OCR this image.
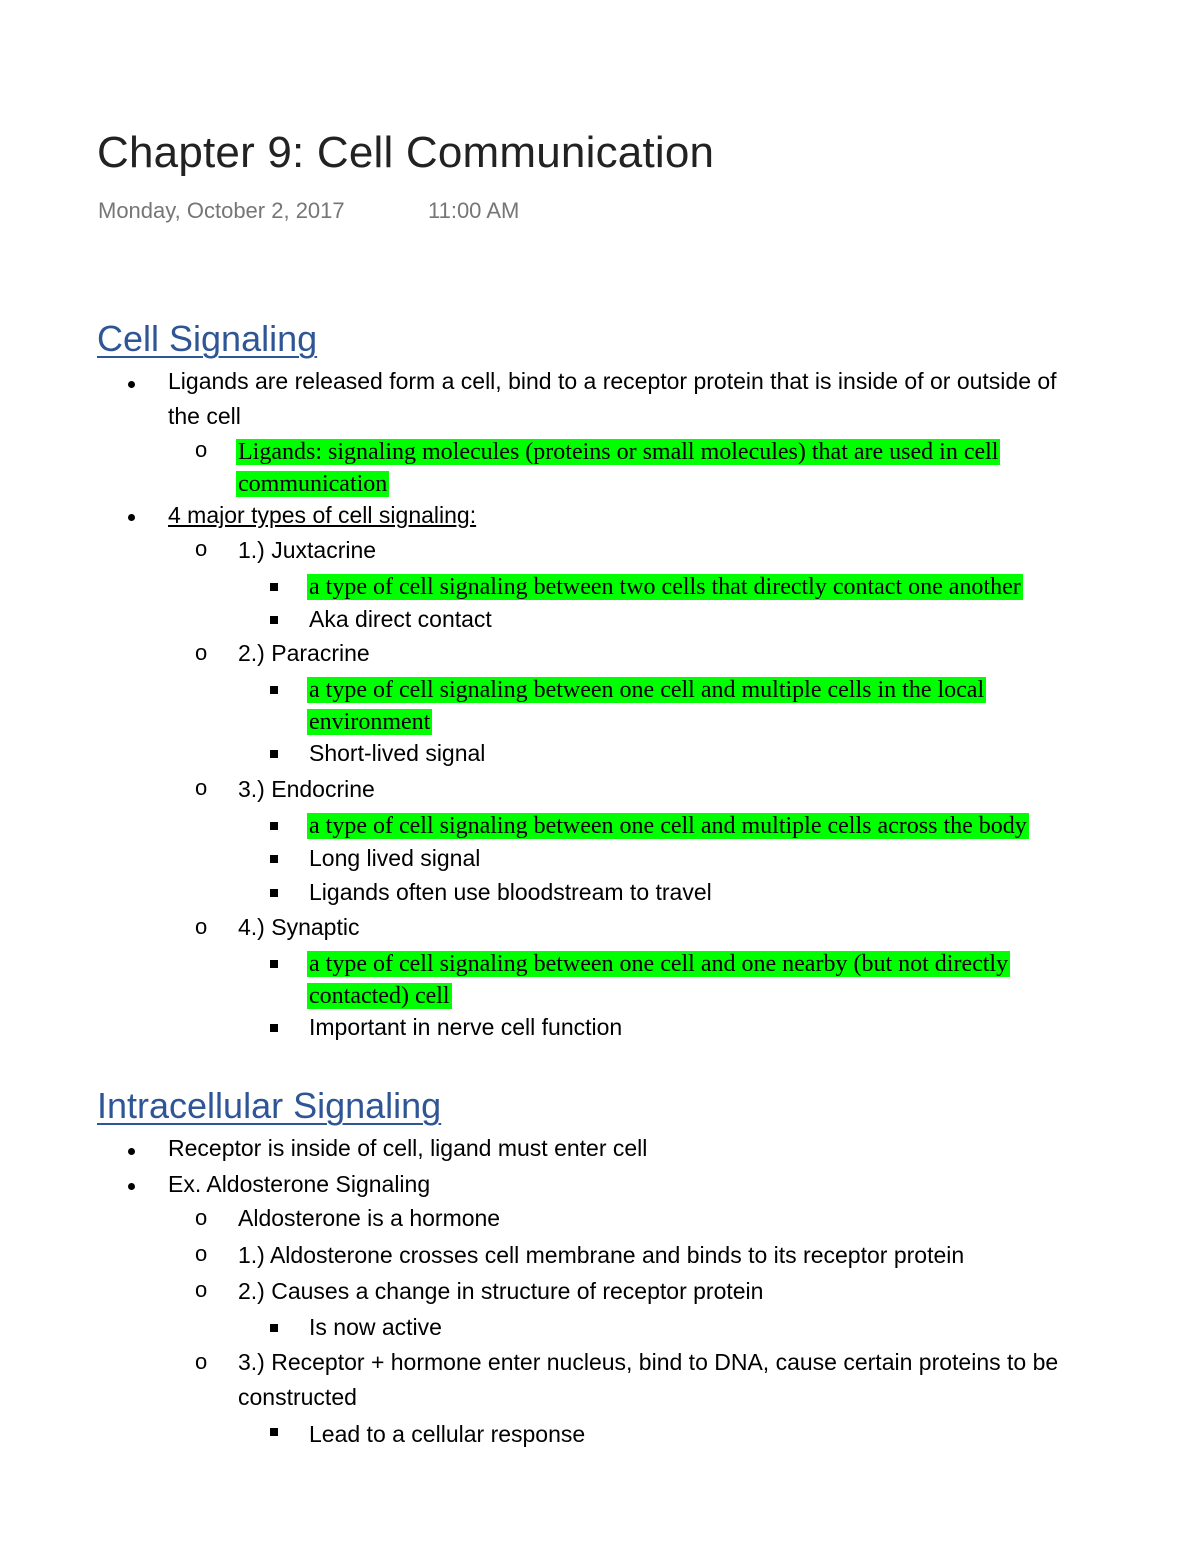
Chapter 9: Cell Communication
Monday, October 2, 2017	11:00 AM
Cell Signaling
Ligands are released form a cell, bind to a receptor protein that is inside of or outside of
the cell
o Ligands: signaling molecules (proteins or small molecules) that are used in cell
communication
4 major types of cell signaling:
o 1.) Juxtacrine
a type of cell signaling between two cells that directly contact one another
Aka direct contact
o 2.) Paracrine
a type of cell signaling between one cell and multiple cells in the local
environment
Short-lived signal
o 3.) Endocrine
a type of cell signaling between one cell and multiple cells across the body
Long lived signal
Ligands often use bloodstream to travel
o 4.) Synaptic
a type of cell signaling between one cell and one nearby (but not directly
contacted) cell
Important in nerve cell function
Intracellular Signaling
Receptor is inside of cell, ligand must enter cell
Ex. Aldosterone Signaling
o Aldosterone is a hormone
o 1.) Aldosterone crosses cell membrane and binds to its receptor protein
o 2.) Causes a change in structure of receptor protein
Is now active
o 3.) Receptor + hormone enter nucleus, bind to DNA, cause certain proteins to be
constructed
Lead to a cellular response
